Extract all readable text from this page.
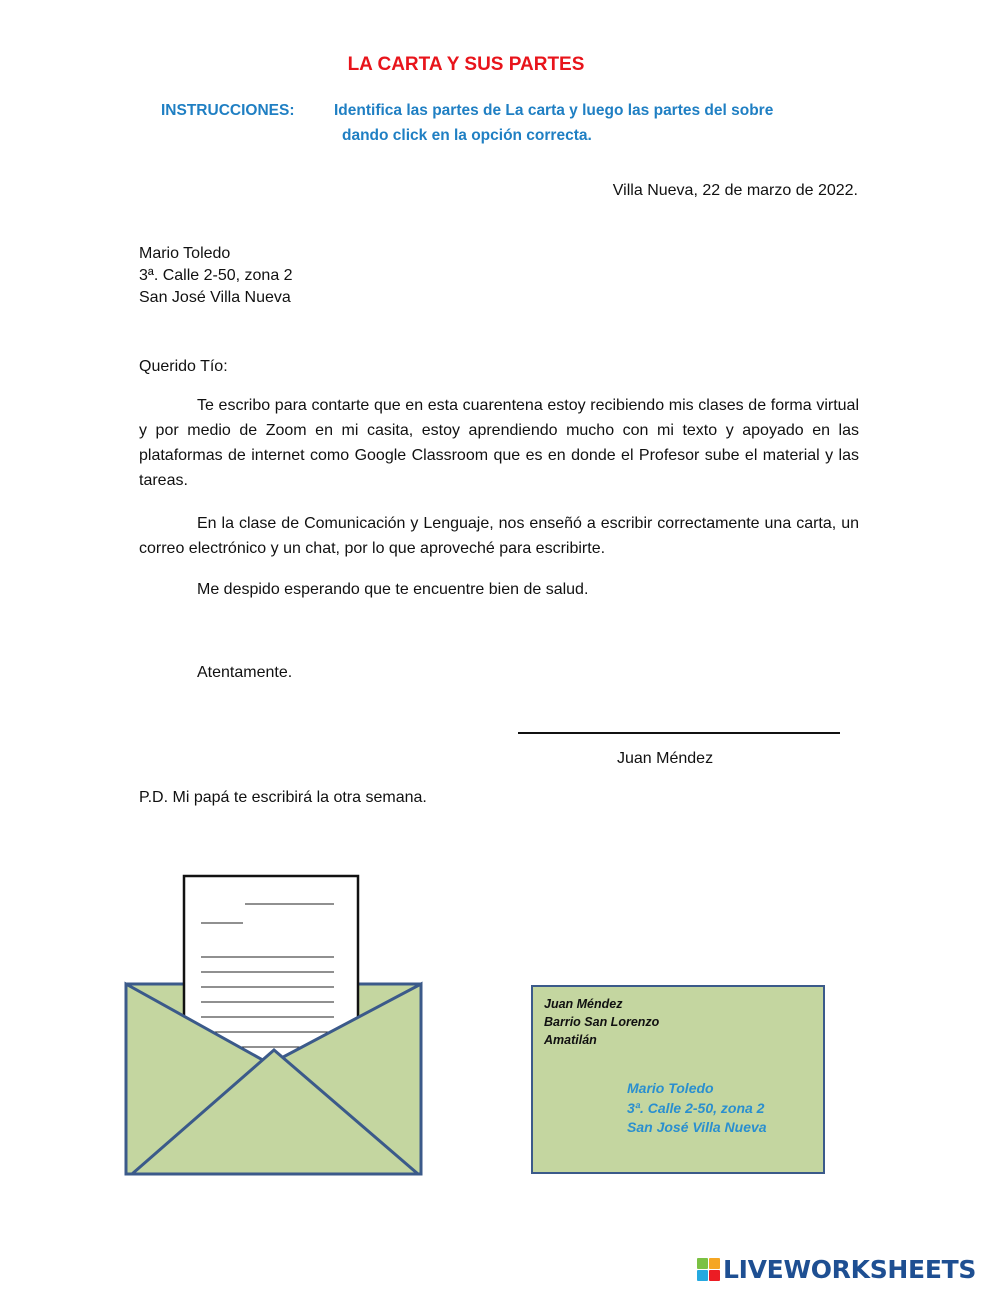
LA CARTA Y SUS PARTES
INSTRUCCIONES:	Identifica las partes de La carta y luego las partes del sobre
dando click en la opción correcta.
Villa Nueva, 22 de marzo de 2022.
Mario Toledo
3ª. Calle 2-50, zona 2
San José Villa Nueva
Querido Tío:
Te escribo para contarte que en esta cuarentena estoy recibiendo mis clases de forma virtual y por medio de Zoom en mi casita, estoy aprendiendo mucho con mi texto y apoyado en las plataformas de internet como Google Classroom que es en donde el Profesor sube el material y las tareas.
En la clase de Comunicación y Lenguaje, nos enseñó a escribir correctamente una carta, un correo electrónico y un chat, por lo que aproveché para escribirte.
Me despido esperando que te encuentre bien de salud.
Atentamente.
Juan Méndez
P.D. Mi papá te escribirá la otra semana.
Juan Méndez
Barrio San Lorenzo
Amatilán
Mario Toledo
3ª. Calle 2-50, zona 2
San José Villa Nueva
LIVEWORKSHEETS
